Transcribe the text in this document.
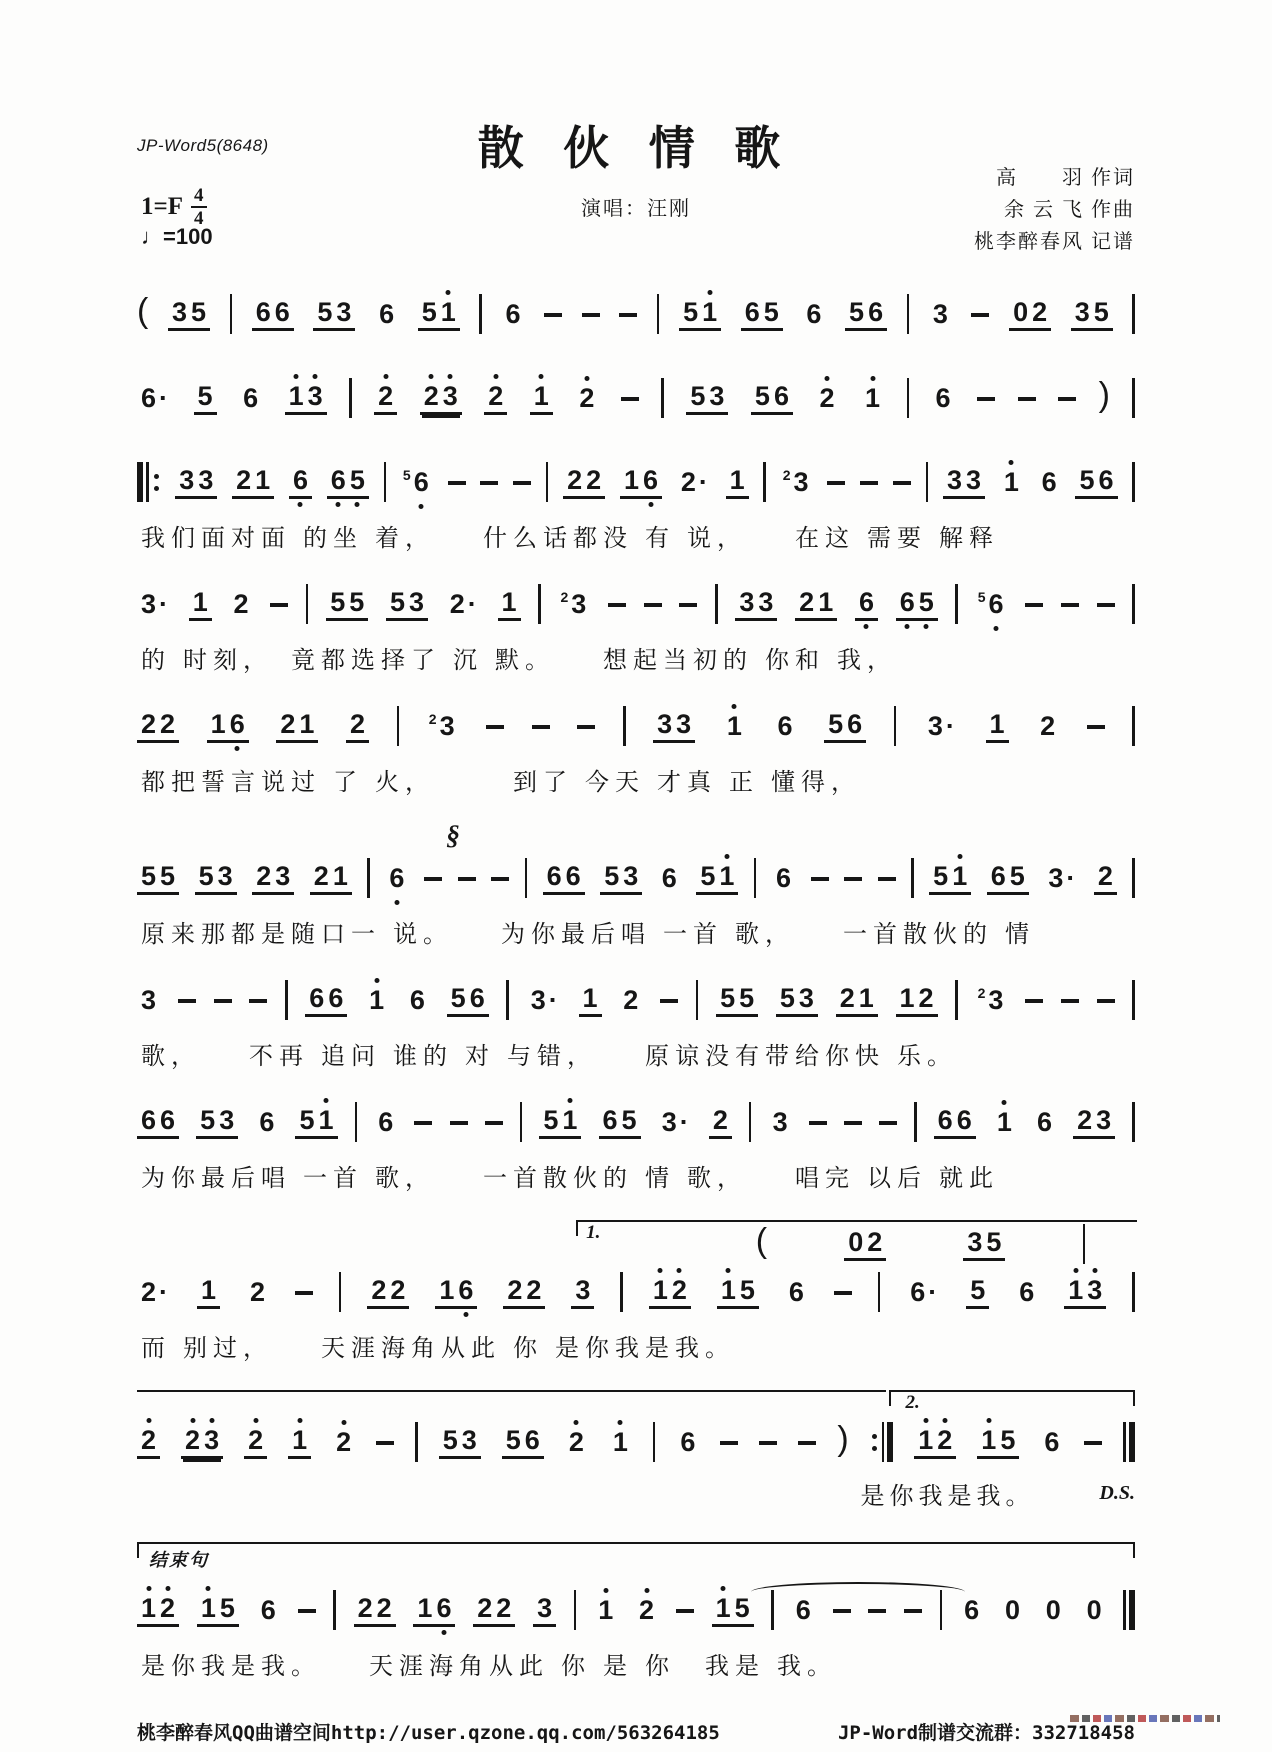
JP-Word5(8648)	散 伙 情 歌
演唱：汪刚
高　　羽 作词
余 云 飞 作曲
桃李醉春风 记谱
$1=F \frac{4}{4}$
♩=100
( 3 5 6 6 5 3 6 5 1 6	5 1 6 5 6 5 6 3 0 2 3 5
6 · 5 6 1 3 2 2 3 2 1 2	5 3 5 6 2 1 6	)
3 3 2 1 6 6 5	5 6	2 2 1 6 2 · 1	2 3	3 3 1 6 5 6
我们面对面 的坐 着，　　什么话都没 有 说，　　在这 需要 解释
3 · 1 2	5 5 5 3 2 · 1	2 3	3 3 2 1 6 6 5	5 6
的 时刻，　竟都选择了 沉 默。　　想起当初的 你和 我，
2 2 1 6 2 1 2	2 3	3 3 1 6 5 6 3 · 1 2
都把誓言说过 了 火，　　　到了 今天 才真 正 懂得，
§
5 5 5 3 2 3 2 1 6	6 6 5 3 6 5 1 6	5 1 6 5 3 · 2
原来那都是随口一 说。　　为你最后唱 一首 歌，　　一首散伙的 情
3	6 6 1 6 5 6 3 · 1 2	5 5 5 3 2 1 1 2	2 3
歌，　　不再 追问 谁的 对 与错，　　原谅没有带给你快 乐。
6 6 5 3 6 5 1 6	5 1 6 5 3 · 2 3	6 6 1 6 2 3
为你最后唱 一首 歌，　　一首散伙的 情 歌，　　唱完 以后 就此
1.	(	0 2	3 5
2 · 1 2	2 2 1 6 2 2 3 1 2 1 5 6	6 · 5 6 1 3
而 别过，　　天涯海角从此 你 是你我是我。
2.
2 2 3 2 1 2	5 3 5 6 2 1 6	)	1 2 1 5 6
是你我是我。	D.S.
结束句
1 2 1 5 6	2 2 1 6 2 2 3 1 2 1 5 6	6 0 0 0
是你我是我。　　天涯海角从此 你 是 你　我是 我。
桃李醉春风QQ曲谱空间http://user.qzone.qq.com/563264185	JP-Word制谱交流群：332718458
